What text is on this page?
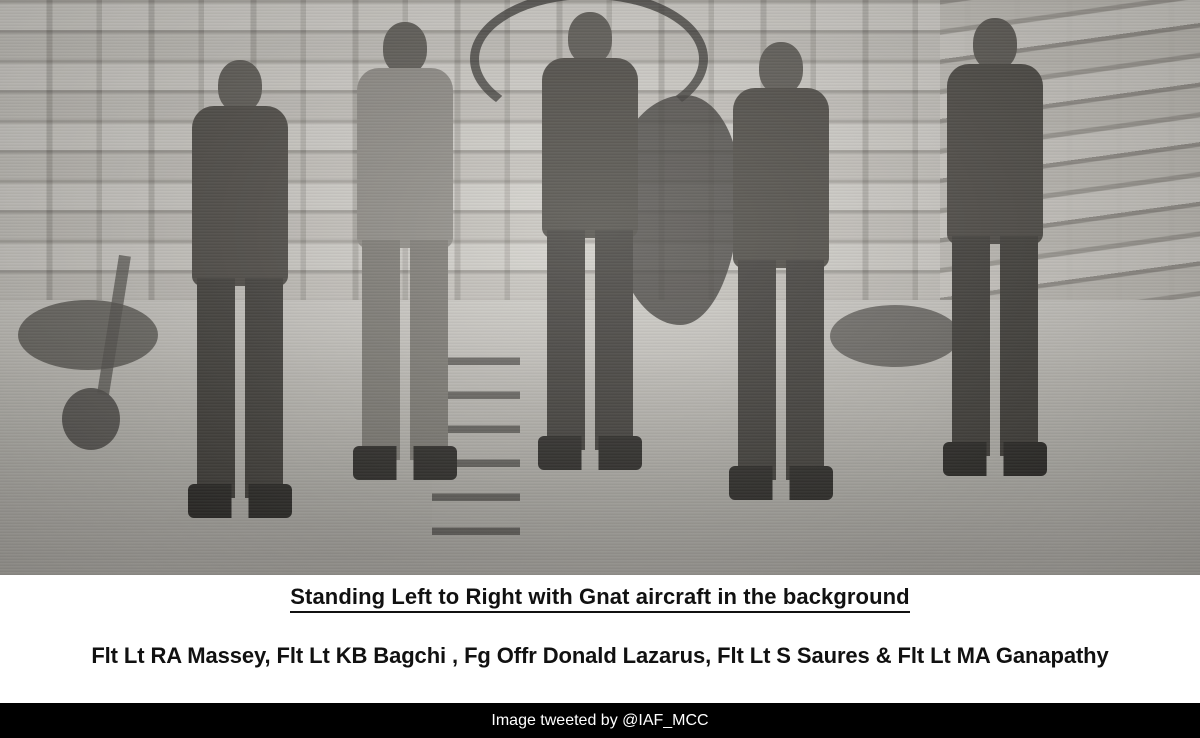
Standing Left to Right with Gnat aircraft in the background
Flt Lt RA Massey, Flt Lt KB Bagchi , Fg Offr Donald Lazarus, Flt Lt S Saures & Flt Lt MA Ganapathy
Image tweeted by @IAF_MCC
